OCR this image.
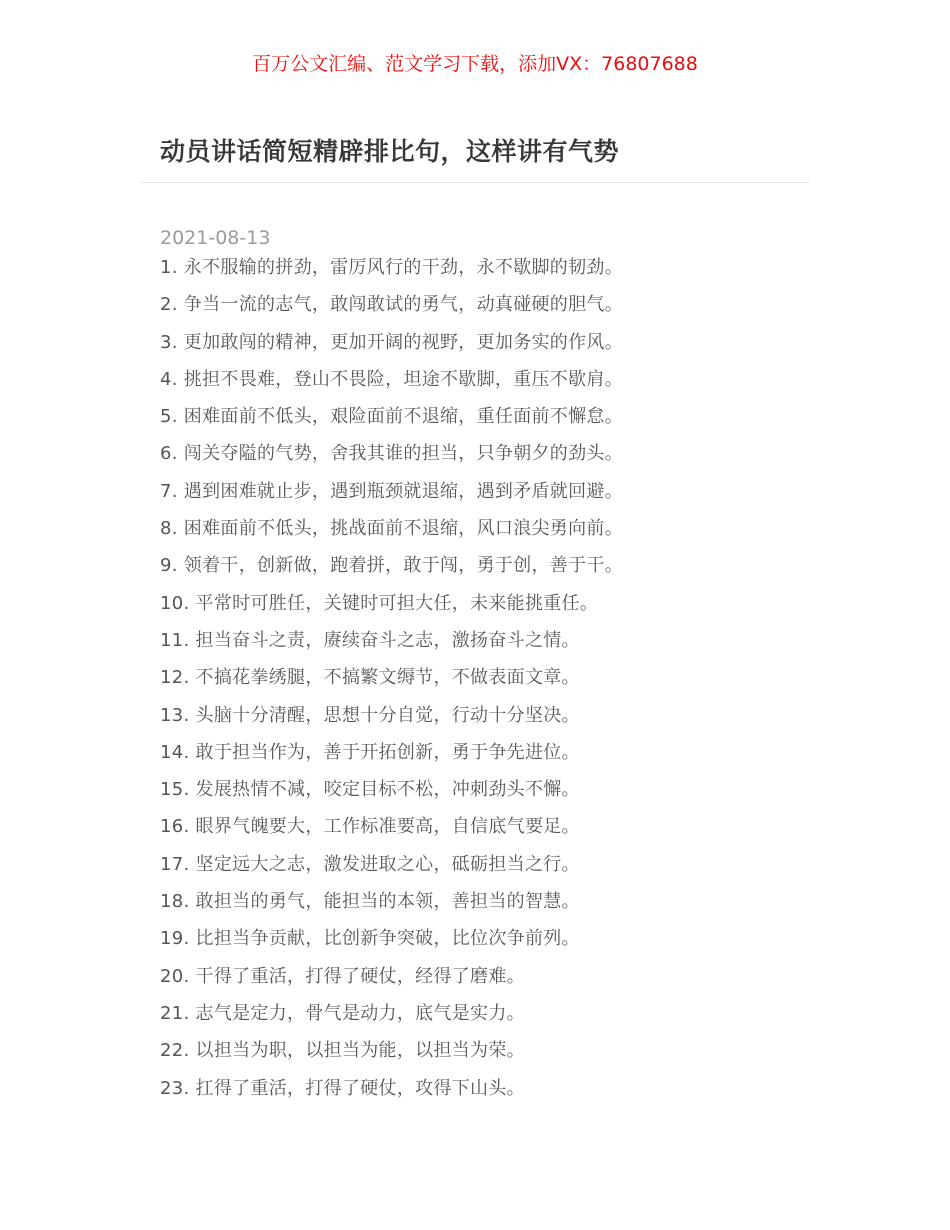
百万公文汇编、范文学习下载，添加VX：76807688
动员讲话简短精辟排比句，这样讲有气势
2021-08-13

1. 永不服输的拼劲，雷厉风行的干劲，永不歇脚的韧劲。

2. 争当一流的志气，敢闯敢试的勇气，动真碰硬的胆气。

3. 更加敢闯的精神，更加开阔的视野，更加务实的作风。

4. 挑担不畏难，登山不畏险，坦途不歇脚，重压不歇肩。

5. 困难面前不低头，艰险面前不退缩，重任面前不懈怠。

6. 闯关夺隘的气势，舍我其谁的担当，只争朝夕的劲头。

7. 遇到困难就止步，遇到瓶颈就退缩，遇到矛盾就回避。

8. 困难面前不低头，挑战面前不退缩，风口浪尖勇向前。

9. 领着干，创新做，跑着拼，敢于闯，勇于创，善于干。

10. 平常时可胜任，关键时可担大任，未来能挑重任。

11. 担当奋斗之责，赓续奋斗之志，激扬奋斗之情。

12. 不搞花拳绣腿，不搞繁文缛节，不做表面文章。

13. 头脑十分清醒，思想十分自觉，行动十分坚决。

14. 敢于担当作为，善于开拓创新，勇于争先进位。

15. 发展热情不减，咬定目标不松，冲刺劲头不懈。

16. 眼界气魄要大，工作标准要高，自信底气要足。

17. 坚定远大之志，激发进取之心，砥砺担当之行。

18. 敢担当的勇气，能担当的本领，善担当的智慧。

19. 比担当争贡献，比创新争突破，比位次争前列。

20. 干得了重活，打得了硬仗，经得了磨难。

21. 志气是定力，骨气是动力，底气是实力。

22. 以担当为职，以担当为能，以担当为荣。

23. 扛得了重活，打得了硬仗，攻得下山头。
